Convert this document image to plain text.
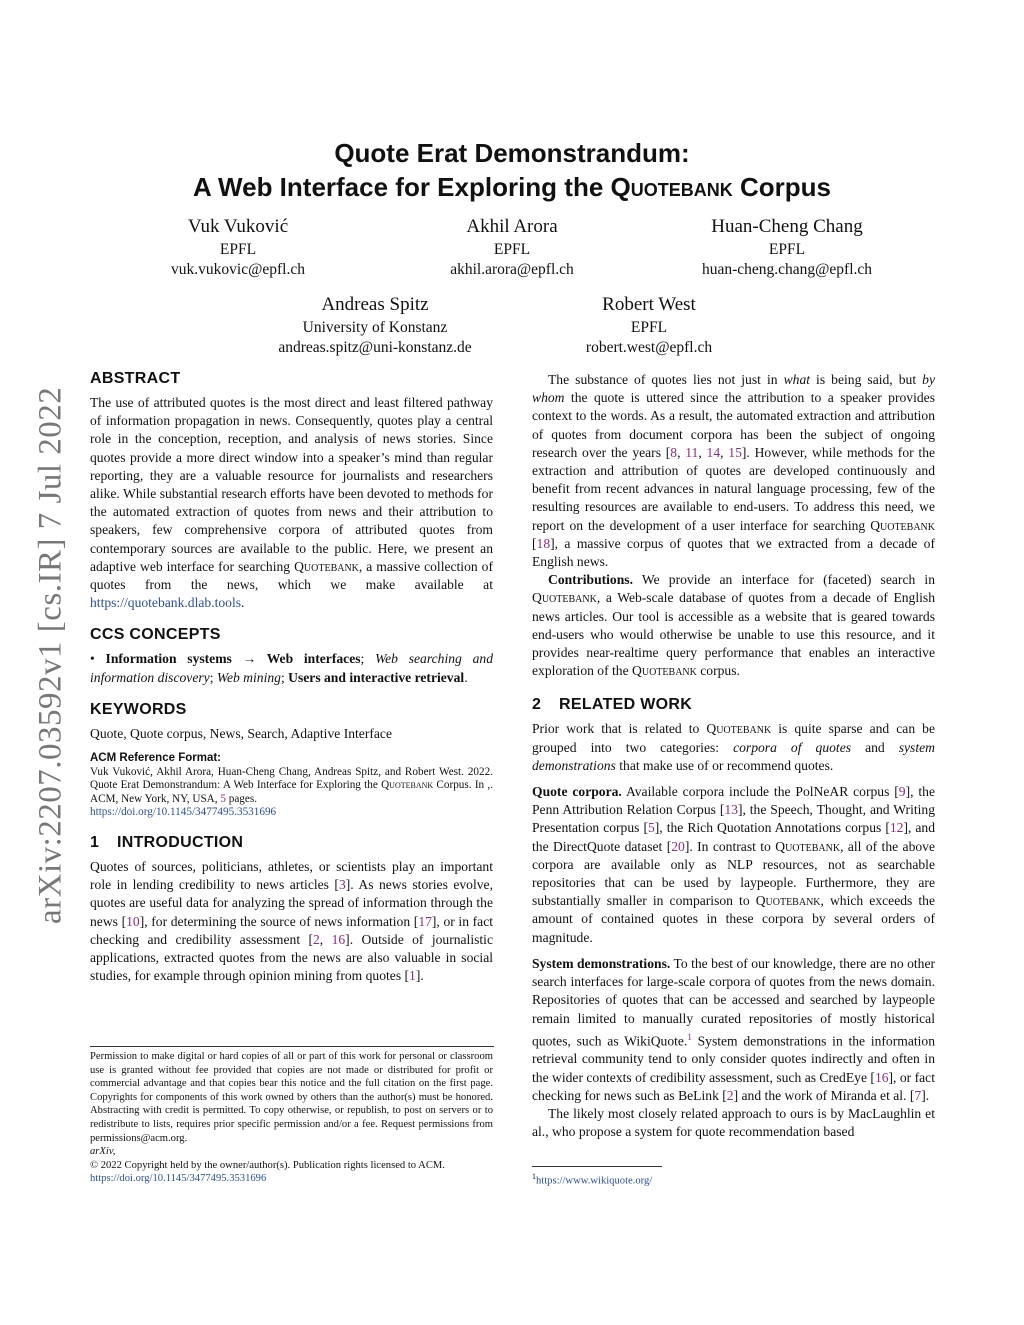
arXiv:2207.03592v1 [cs.IR] 7 Jul 2022
Quote Erat Demonstrandum:
A Web Interface for Exploring the Quotebank Corpus
Vuk Vuković
EPFL
vuk.vukovic@epfl.ch
Akhil Arora
EPFL
akhil.arora@epfl.ch
Huan-Cheng Chang
EPFL
huan-cheng.chang@epfl.ch
Andreas Spitz
University of Konstanz
andreas.spitz@uni-konstanz.de
Robert West
EPFL
robert.west@epfl.ch
ABSTRACT

The use of attributed quotes is the most direct and least filtered pathway of information propagation in news. Consequently, quotes play a central role in the conception, reception, and analysis of news stories. Since quotes provide a more direct window into a speaker’s mind than regular reporting, they are a valuable resource for journalists and researchers alike. While substantial research efforts have been devoted to methods for the automated extraction of quotes from news and their attribution to speakers, few comprehensive corpora of attributed quotes from contemporary sources are available to the public. Here, we present an adaptive web interface for searching Quotebank, a massive collection of quotes from the news, which we make available at https://quotebank.dlab.tools.

CCS CONCEPTS

• Information systems → Web interfaces; Web searching and information discovery; Web mining; Users and interactive retrieval.

KEYWORDS

Quote, Quote corpus, News, Search, Adaptive Interface

ACM Reference Format:

Vuk Vuković, Akhil Arora, Huan-Cheng Chang, Andreas Spitz, and Robert West. 2022. Quote Erat Demonstrandum: A Web Interface for Exploring the Quotebank Corpus. In ,. ACM, New York, NY, USA, 5 pages.

https://doi.org/10.1145/3477495.3531696
1 INTRODUCTION

Quotes of sources, politicians, athletes, or scientists play an important role in lending credibility to news articles [3]. As news stories evolve, quotes are useful data for analyzing the spread of information through the news [10], for determining the source of news information [17], or in fact checking and credibility assessment [2, 16]. Outside of journalistic applications, extracted quotes from the news are also valuable in social studies, for example through opinion mining from quotes [1].

Permission to make digital or hard copies of all or part of this work for personal or classroom use is granted without fee provided that copies are not made or distributed for profit or commercial advantage and that copies bear this notice and the full citation on the first page. Copyrights for components of this work owned by others than the author(s) must be honored. Abstracting with credit is permitted. To copy otherwise, or republish, to post on servers or to redistribute to lists, requires prior specific permission and/or a fee. Request permissions from permissions@acm.org.

arXiv,

© 2022 Copyright held by the owner/author(s). Publication rights licensed to ACM.

https://doi.org/10.1145/3477495.3531696

The substance of quotes lies not just in what is being said, but by whom the quote is uttered since the attribution to a speaker provides context to the words. As a result, the automated extraction and attribution of quotes from document corpora has been the subject of ongoing research over the years [8, 11, 14, 15]. However, while methods for the extraction and attribution of quotes are developed continuously and benefit from recent advances in natural language processing, few of the resulting resources are available to end-users. To address this need, we report on the development of a user interface for searching Quotebank [18], a massive corpus of quotes that we extracted from a decade of English news.

Contributions. We provide an interface for (faceted) search in Quotebank, a Web-scale database of quotes from a decade of English news articles. Our tool is accessible as a website that is geared towards end-users who would otherwise be unable to use this resource, and it provides near-realtime query performance that enables an interactive exploration of the Quotebank corpus.

2 RELATED WORK

Prior work that is related to Quotebank is quite sparse and can be grouped into two categories: corpora of quotes and system demonstrations that make use of or recommend quotes.

Quote corpora. Available corpora include the PolNeAR corpus [9], the Penn Attribution Relation Corpus [13], the Speech, Thought, and Writing Presentation corpus [5], the Rich Quotation Annotations corpus [12], and the DirectQuote dataset [20]. In contrast to Quotebank, all of the above corpora are available only as NLP resources, not as searchable repositories that can be used by laypeople. Furthermore, they are substantially smaller in comparison to Quotebank, which exceeds the amount of contained quotes in these corpora by several orders of magnitude.

System demonstrations. To the best of our knowledge, there are no other search interfaces for large-scale corpora of quotes from the news domain. Repositories of quotes that can be accessed and searched by laypeople remain limited to manually curated repositories of mostly historical quotes, such as WikiQuote.$^1$ System demonstrations in the information retrieval community tend to only consider quotes indirectly and often in the wider contexts of credibility assessment, such as CredEye [16], or fact checking for news such as BeLink [2] and the work of Miranda et al. [7].

The likely most closely related approach to ours is by MacLaughlin et al., who propose a system for quote recommendation based

$^1$https://www.wikiquote.org/
